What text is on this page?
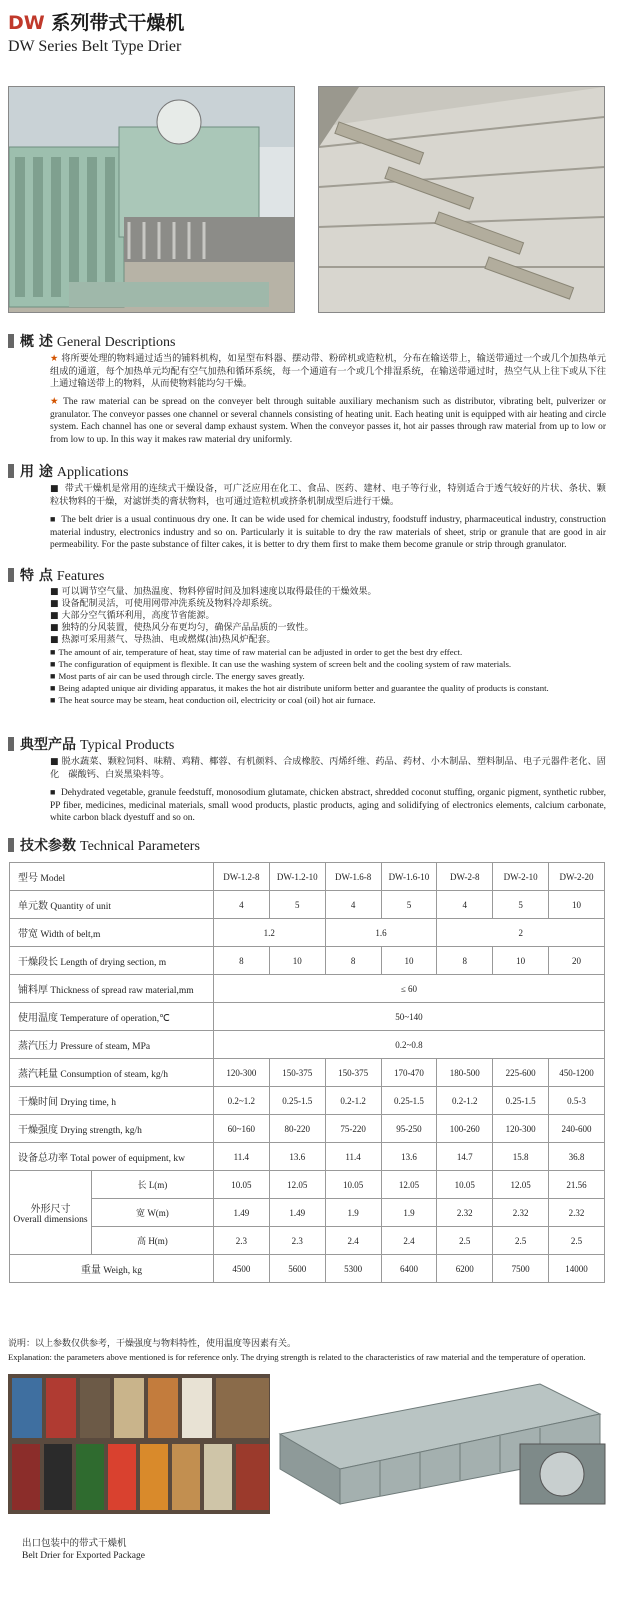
DW 系列带式干燥机
DW Series Belt Type Drier
概 述 General Descriptions
★ 将所要处理的物料通过适当的铺料机构，如星型布料器、摆动带、粉碎机或造粒机，分布在输送带上，输送带通过一个或几个加热单元组成的通道，每个加热单元均配有空气加热和循环系统，每一个通道有一个或几个排湿系统，在输送带通过时，热空气从上往下或从下往上通过输送带上的物料，从而使物料能均匀干燥。
★ The raw material can be spread on the conveyer belt through suitable auxiliary mechanism such as distributor, vibrating belt, pulverizer or granulator. The conveyor passes one channel or several channels consisting of heating unit. Each heating unit is equipped with air heating and circle system. Each channel has one or several damp exhaust system. When the conveyor passes it, hot air passes through raw material from up to low or from low to up. In this way it makes raw material dry uniformly.
用 途 Applications
■ 带式干燥机是常用的连续式干燥设备，可广泛应用在化工、食品、医药、建材、电子等行业，特别适合于透气较好的片状、条状、颗粒状物料的干燥，对滤饼类的膏状物料，也可通过造粒机或挤条机制成型后进行干燥。
■ The belt drier is a usual continuous dry one. It can be wide used for chemical industry, foodstuff industry, pharmaceutical industry, construction material industry, electronics industry and so on. Particularly it is suitable to dry the raw materials of sheet, strip or granule that are good in air permeability. For the paste substance of filter cakes, it is better to dry them first to make them become granule or strip through granulator.
特 点 Features
■ 可以调节空气量、加热温度、物料停留时间及加料速度以取得最佳的干燥效果。
■ 设备配制灵活，可使用网带冲洗系统及物料冷却系统。
■ 大部分空气循环利用，高度节省能源。
■ 独特的分风装置，使热风分布更均匀，确保产品品质的一致性。
■ 热源可采用蒸气、导热油、电或燃煤(油)热风炉配套。
■ The amount of air, temperature of heat, stay time of raw material can be adjusted in order to get the best dry effect.
■ The configuration of equipment is flexible. It can use the washing system of screen belt and the cooling system of raw materials.
■ Most parts of air can be used through circle. The energy saves greatly.
■ Being adapted unique air dividing apparatus, it makes the hot air distribute uniform better and guarantee the quality of products is constant.
■ The heat source may be steam, heat conduction oil, electricity or coal (oil) hot air furnace.
典型产品 Typical Products
■ 脱水蔬菜、颗粒饲料、味精、鸡精、椰蓉、有机颜料、合成橡胶、丙烯纤维、药品、药材、小木制品、塑料制品、电子元器件老化、固化　碳酸钙、白炭黑染料等。
■ Dehydrated vegetable, granule feedstuff, monosodium glutamate, chicken abstract, shredded coconut stuffing, organic pigment, synthetic rubber, PP fiber, medicines, medicinal materials, small wood products, plastic products, aging and solidifying of electronics elements, calcium carbonate, white carbon black dyestuff and so on.
技术参数 Technical Parameters
型号 Model		DW-1.2-8	DW-1.2-10	DW-1.6-8	DW-1.6-10	DW-2-8	DW-2-10	DW-2-20
单元数 Quantity of unit		4	5	4	5	4	5	10
带宽 Width of belt,m		1.2		1.6		2		
干燥段长 Length of drying section, m		8	10	8	10	8	10	20
铺料厚 Thickness of spread raw material,mm		≤ 60						
使用温度 Temperature of operation,℃		50~140						
蒸汽压力 Pressure of steam, MPa		0.2~0.8						
蒸汽耗量 Consumption of steam, kg/h		120-300	150-375	150-375	170-470	180-500	225-600	450-1200
干燥时间 Drying time, h		0.2~1.2	0.25-1.5	0.2-1.2	0.25-1.5	0.2-1.2	0.25-1.5	0.5-3
干燥强度 Drying strength, kg/h		60~160	80-220	75-220	95-250	100-260	120-300	240-600
设备总功率 Total power of equipment, kw		11.4	13.6	11.4	13.6	14.7	15.8	36.8

外形尺寸
Overall dimensions	长 L(m)	10.05	12.05	10.05	12.05	10.05	12.05	21.56
	宽 W(m)	1.49	1.49	1.9	1.9	2.32	2.32	2.32
	高 H(m)	2.3	2.3	2.4	2.4	2.5	2.5	2.5
重量 Weigh, kg		4500	5600	5300	6400	6200	7500	14000
说明：以上参数仅供参考，干燥强度与物料特性，使用温度等因素有关。
Explanation: the parameters above mentioned is for reference only. The drying strength is related to the characteristics of raw material and the temperature of operation.
出口包装中的带式干燥机
Belt Drier for Exported Package
